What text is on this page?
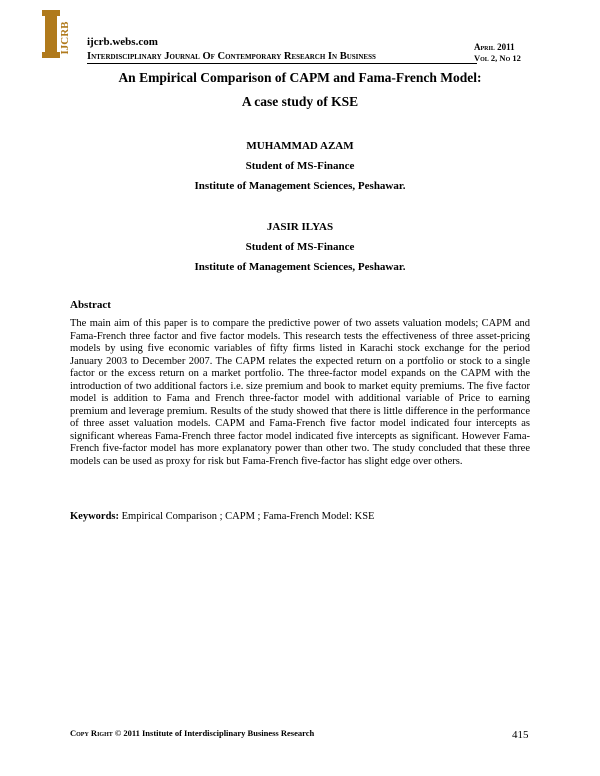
IJCRB ijcrb.webs.com
Interdisciplinary Journal Of Contemporary Research In Business
April 2011
Vol 2, No 12
An Empirical Comparison of CAPM and Fama-French Model:
A case study of KSE
MUHAMMAD AZAM
Student of MS-Finance
Institute of Management Sciences, Peshawar.
JASIR ILYAS
Student of MS-Finance
Institute of Management Sciences, Peshawar.
Abstract
The main aim of this paper is to compare the predictive power of two assets valuation models; CAPM and Fama-French three factor and five factor models. This research tests the effectiveness of three asset-pricing models by using five economic variables of fifty firms listed in Karachi stock exchange for the period January 2003 to December 2007. The CAPM relates the expected return on a portfolio or stock to a single factor or the excess return on a market portfolio. The three-factor model expands on the CAPM with the introduction of two additional factors i.e. size premium and book to market equity premiums. The five factor model is addition to Fama and French three-factor model with additional variable of Price to earning premium and leverage premium. Results of the study showed that there is little difference in the performance of three asset valuation models. CAPM and Fama-French five factor model indicated four intercepts as significant whereas Fama-French three factor model indicated five intercepts as significant. However Fama-French five-factor model has more explanatory power than other two. The study concluded that these three models can be used as proxy for risk but Fama-French five-factor has slight edge over others.
Keywords: Empirical Comparison ; CAPM ; Fama-French Model: KSE
Copy Right © 2011 Institute of Interdisciplinary Business Research	415
